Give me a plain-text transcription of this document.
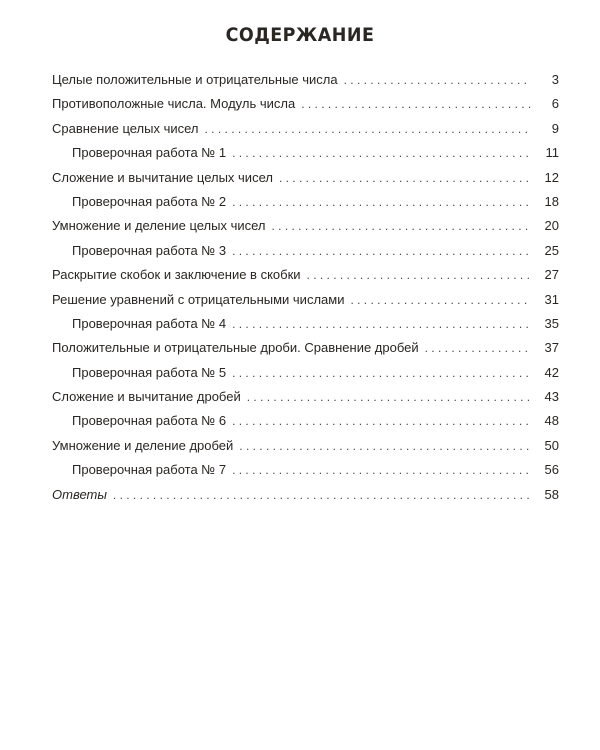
СОДЕРЖАНИЕ
Целые положительные и отрицательные числа . . .	3
Противоположные числа. Модуль числа . . .	6
Сравнение целых чисел . . .	9
Проверочная работа № 1 . . .	11
Сложение и вычитание целых чисел . . .	12
Проверочная работа № 2 . . .	18
Умножение и деление целых чисел . . .	20
Проверочная работа № 3 . . .	25
Раскрытие скобок и заключение в скобки . . .	27
Решение уравнений с отрицательными числами . . .	31
Проверочная работа № 4 . . .	35
Положительные и отрицательные дроби. Сравнение дробей . . .	37
Проверочная работа № 5 . . .	42
Сложение и вычитание дробей . . .	43
Проверочная работа № 6 . . .	48
Умножение и деление дробей . . .	50
Проверочная работа № 7 . . .	56
Ответы . . .	58
